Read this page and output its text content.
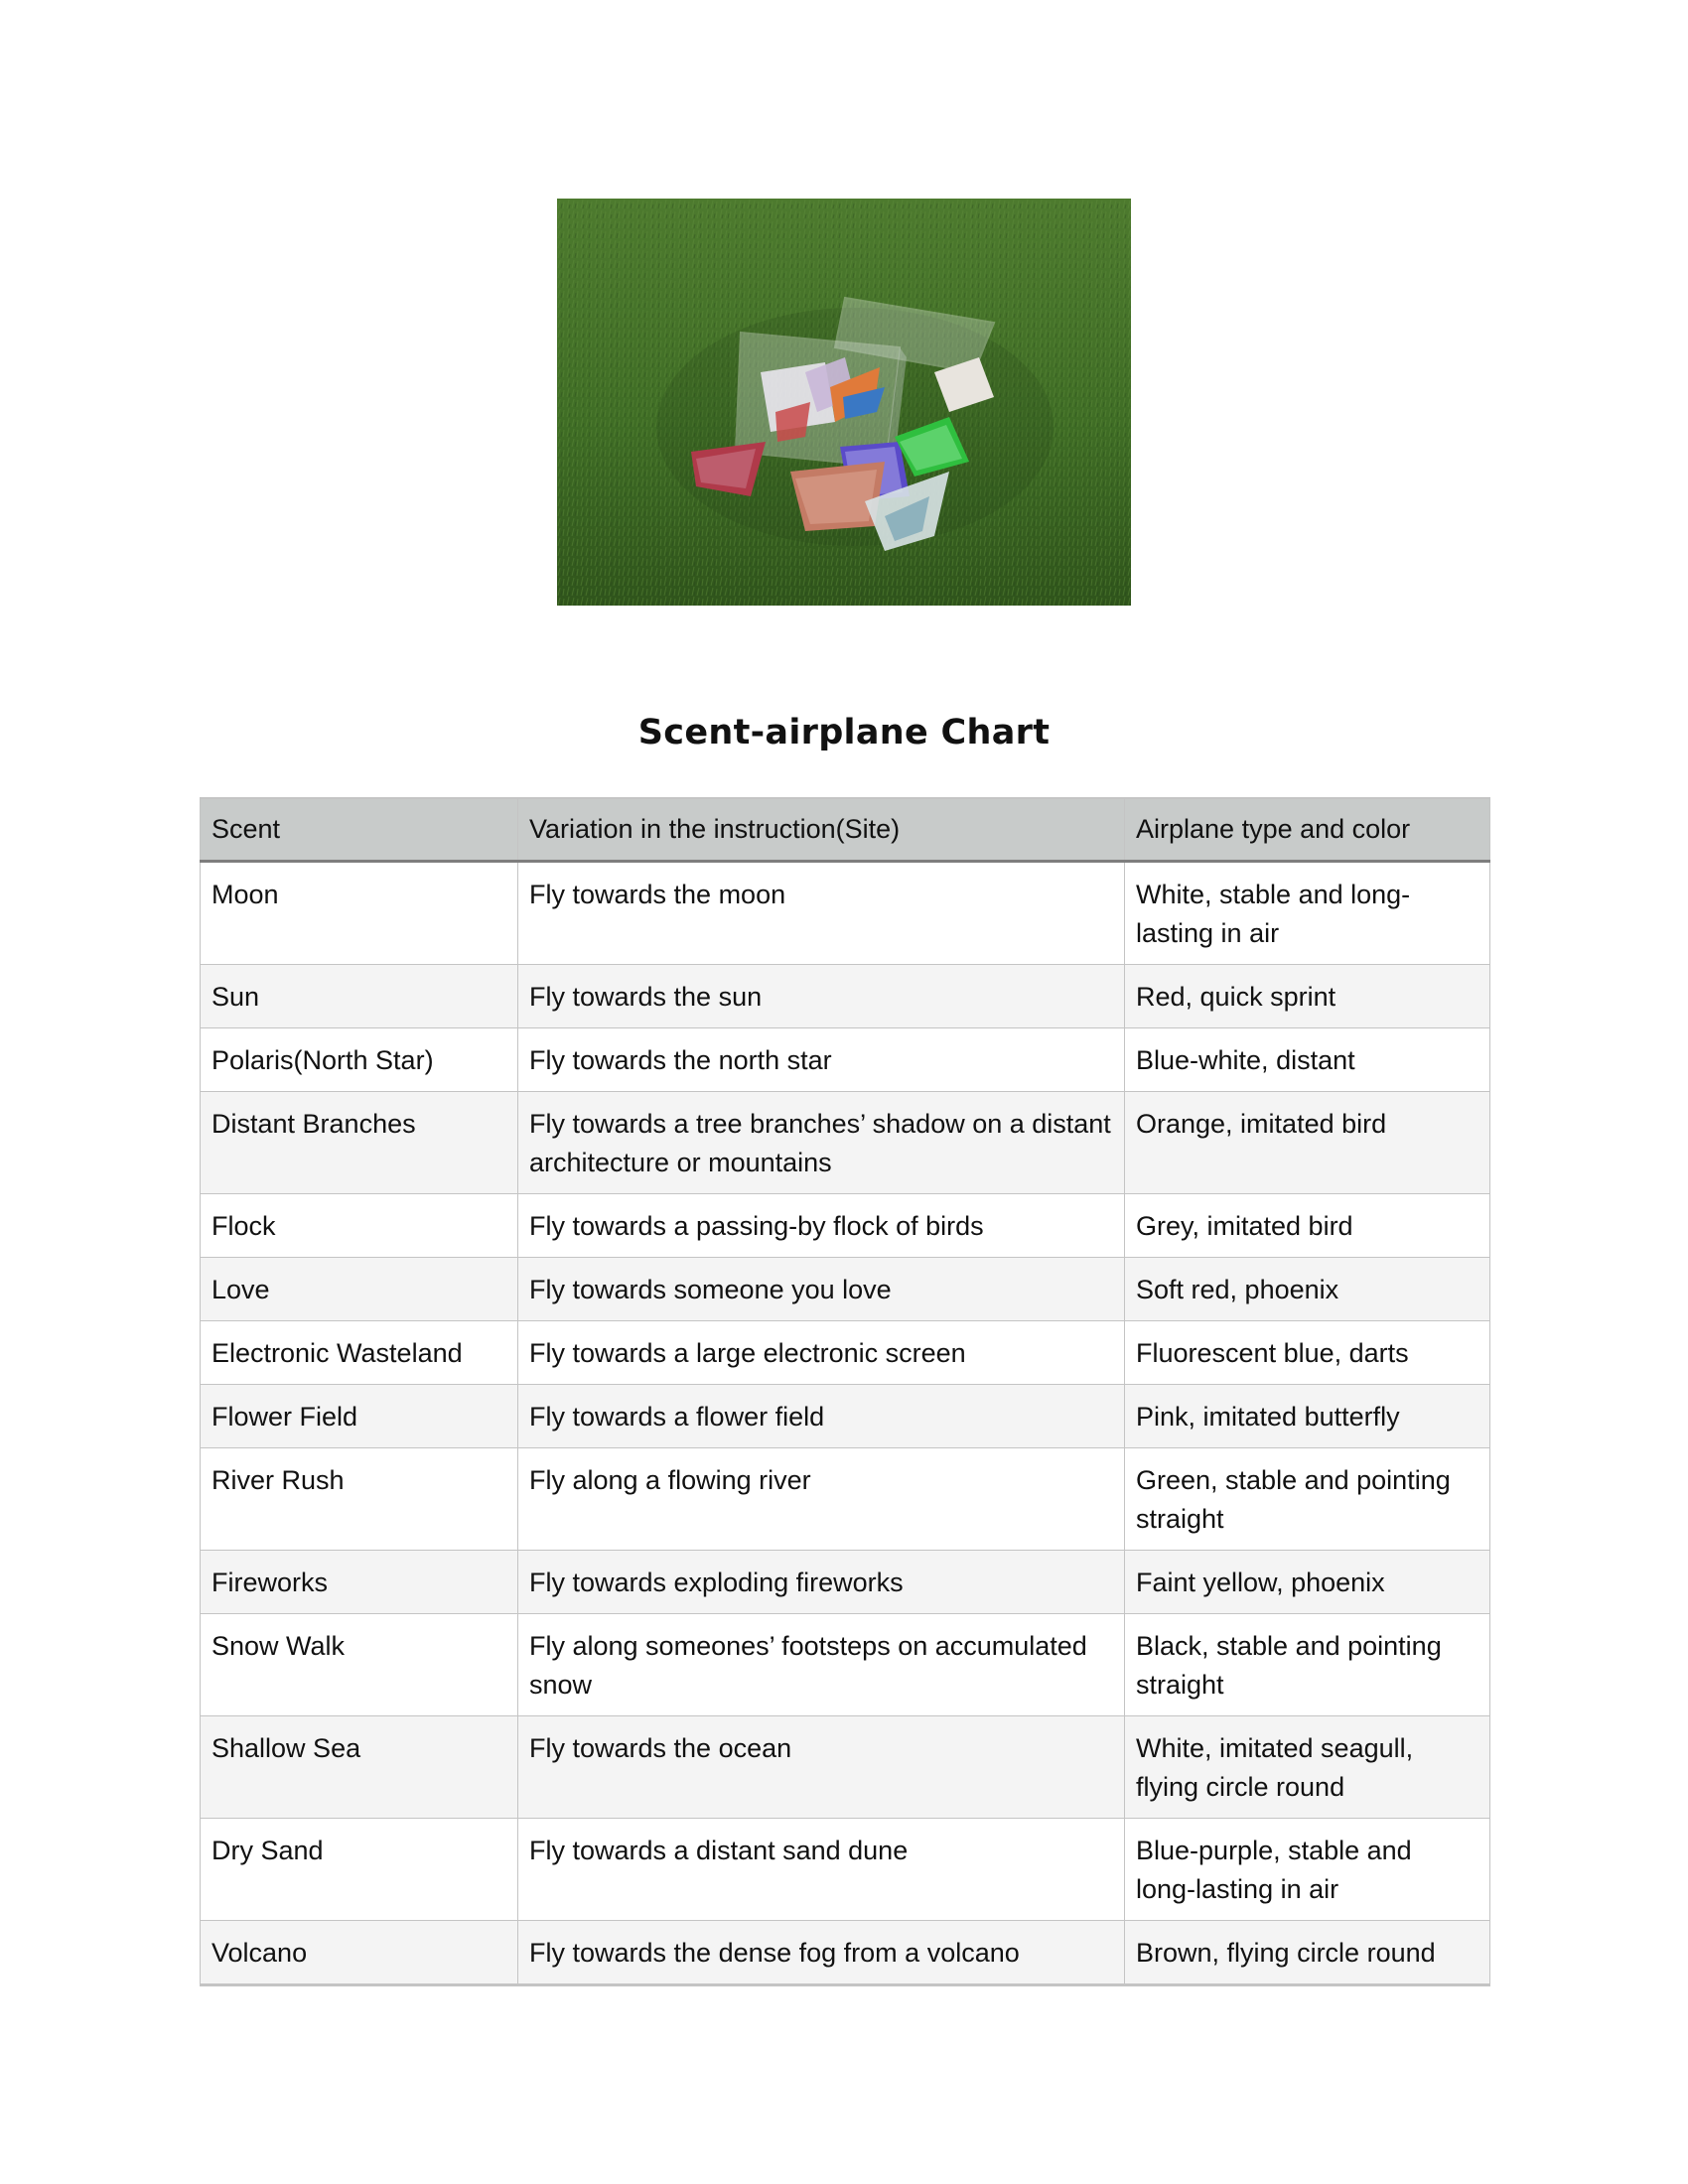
Scent-airplane Chart
Scent	Variation in the instruction(Site)	Airplane type and color
Moon	Fly towards the moon	White, stable and long-lasting in air
Sun	Fly towards the sun	Red, quick sprint
Polaris(North Star)	Fly towards the north star	Blue-white, distant
Distant Branches	Fly towards a tree branches’ shadow on a distant architecture or mountains	Orange, imitated bird
Flock	Fly towards a passing-by flock of birds	Grey, imitated bird
Love	Fly towards someone you love	Soft red, phoenix
Electronic Wasteland	Fly towards a large electronic screen	Fluorescent blue, darts
Flower Field	Fly towards a flower field	Pink, imitated butterfly
River Rush	Fly along a flowing river	Green, stable and pointing straight
Fireworks	Fly towards exploding fireworks	Faint yellow, phoenix
Snow Walk	Fly along someones’ footsteps on accumulated snow	Black, stable and pointing straight
Shallow Sea	Fly towards the ocean	White, imitated seagull, flying circle round
Dry Sand	Fly towards a distant sand dune	Blue-purple, stable and long-lasting in air
Volcano	Fly towards the dense fog from a volcano	Brown, flying circle round
